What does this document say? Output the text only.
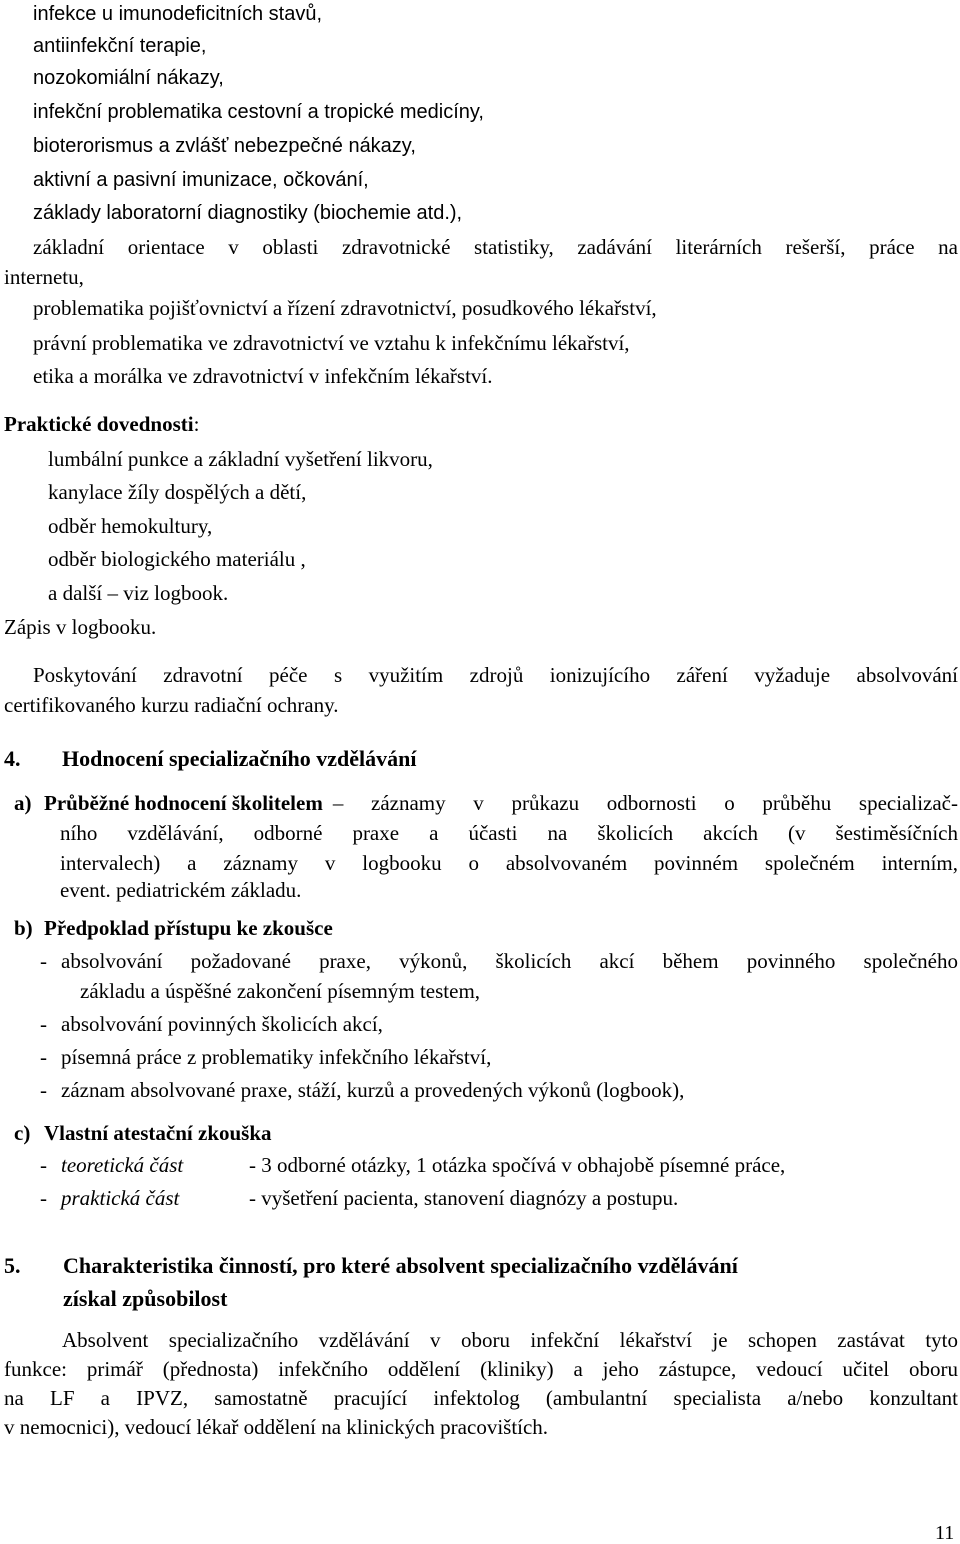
infekce u imunodeficitních stavů,
antiinfekční terapie,
nozokomiální nákazy,
infekční problematika cestovní a tropické medicíny,
bioterorismus a zvlášť nebezpečné nákazy,
aktivní a pasivní imunizace, očkování,
základy laboratorní diagnostiky (biochemie atd.),
základní orientace v oblasti zdravotnické statistiky, zadávání literárních rešerší, práce na
internetu,
problematika pojišťovnictví a řízení zdravotnictví, posudkového lékařství,
právní problematika ve zdravotnictví ve vztahu k infekčnímu lékařství,
etika a morálka ve zdravotnictví v infekčním lékařství.
Praktické dovednosti:
lumbální punkce a základní vyšetření likvoru,
kanylace žíly dospělých a dětí,
odběr hemokultury,
odběr biologického materiálu ,
a další – viz logbook.
Zápis v logbooku.
Poskytování zdravotní péče s využitím zdrojů ionizujícího záření vyžaduje absolvování
certifikovaného kurzu radiační ochrany.
4. Hodnocení specializačního vzdělávání
a) Průběžné hodnocení školitelem – záznamy v průkazu odbornosti o průběhu specializač-
ního vzdělávání, odborné praxe a účasti na školicích akcích (v šestiměsíčních
intervalech) a záznamy v logbooku o absolvovaném povinném společném interním,
event. pediatrickém základu.
b) Předpoklad přístupu ke zkoušce
- absolvování požadované praxe, výkonů, školicích akcí během povinného společného
základu a úspěšné zakončení písemným testem,
- absolvování povinných školicích akcí,
- písemná práce z problematiky infekčního lékařství,
- záznam absolvované praxe, stáží, kurzů a provedených výkonů (logbook),
c) Vlastní atestační zkouška
- teoretická část	- 3 odborné otázky, 1 otázka spočívá v obhajobě písemné práce,
- praktická část	- vyšetření pacienta, stanovení diagnózy a postupu.
5. Charakteristika činností, pro které absolvent specializačního vzdělávání
získal způsobilost
Absolvent specializačního vzdělávání v oboru infekční lékařství je schopen zastávat tyto
funkce: primář (přednosta) infekčního oddělení (kliniky) a jeho zástupce, vedoucí učitel oboru
na LF a IPVZ, samostatně pracující infektolog (ambulantní specialista a/nebo konzultant
v nemocnici), vedoucí lékař oddělení na klinických pracovištích.
11
